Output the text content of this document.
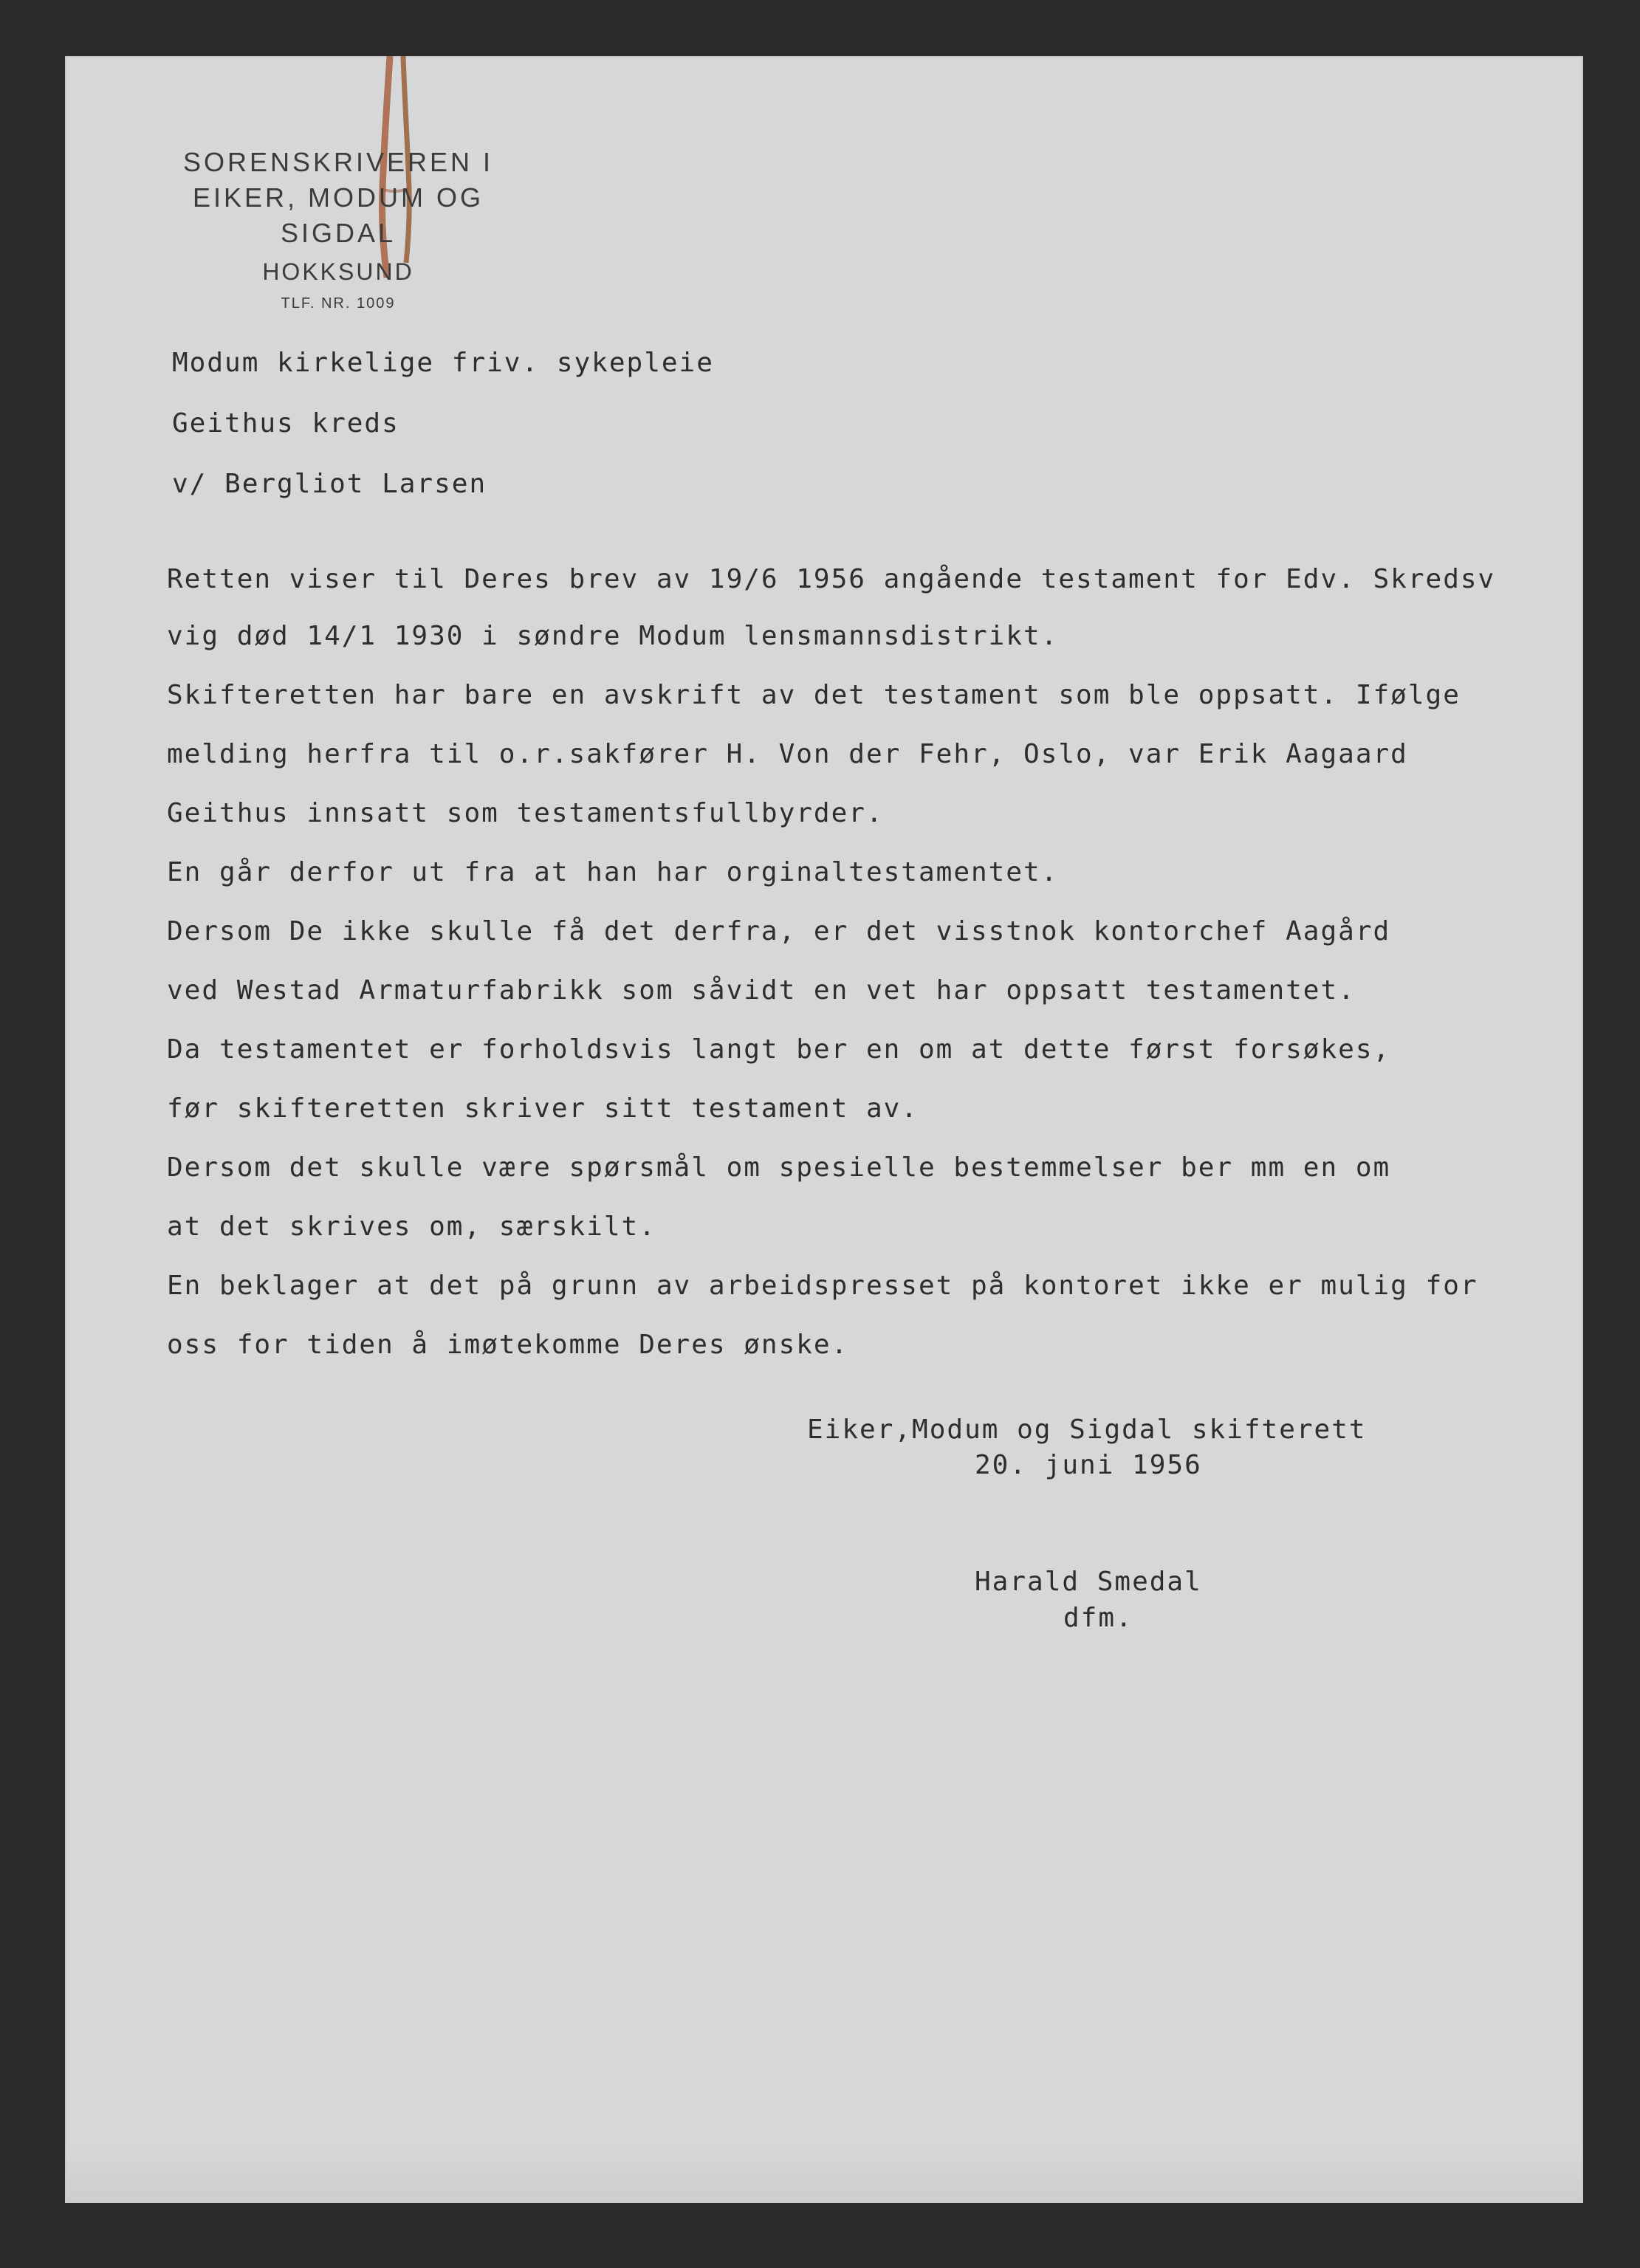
SORENSKRIVEREN I
EIKER, MODUM OG SIGDAL
HOKKSUND
TLF. NR. 1009
Modum kirkelige friv. sykepleie
Geithus kreds
v/ Bergliot Larsen
Retten viser til Deres brev av 19/6 1956 angående testament for Edv. Skredsv
vig død 14/1 1930 i søndre Modum lensmannsdistrikt.
Skifteretten har bare en avskrift av det testament som ble oppsatt. Ifølge
melding herfra til o.r.sakfører H. Von der Fehr, Oslo, var Erik Aagaard
Geithus innsatt som testamentsfullbyrder.
En går derfor ut fra at han har orginaltestamentet.
Dersom De ikke skulle få det derfra, er det visstnok kontorchef Aagård
ved Westad Armaturfabrikk som såvidt en vet har oppsatt testamentet.
Da testamentet er forholdsvis langt ber en om at dette først forsøkes,
før skifteretten skriver sitt testament av.
Dersom det skulle være spørsmål om spesielle bestemmelser ber mm en om
at det skrives om, særskilt.
En beklager at det på grunn av arbeidspresset på kontoret ikke er mulig for
oss for tiden å imøtekomme Deres ønske.
Eiker,Modum og Sigdal skifterett
20. juni 1956
Harald Smedal
dfm.
